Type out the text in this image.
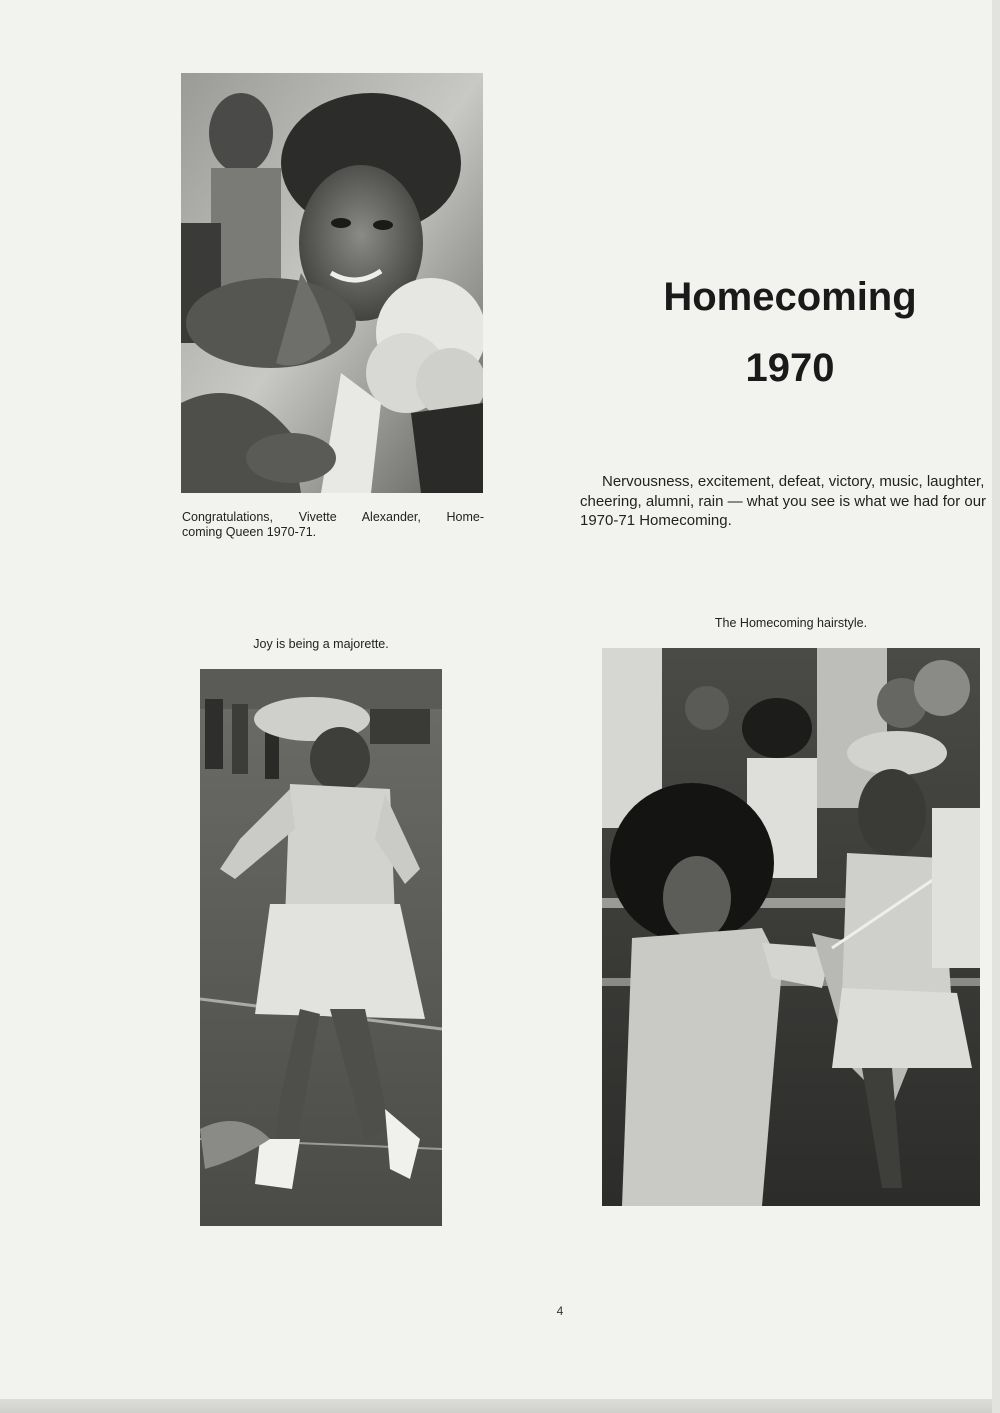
Congratulations, Vivette Alexander, Home-
coming Queen 1970-71.
Homecoming
1970
Nervousness, excitement, defeat, victory, music, laughter,
cheering, alumni, rain — what you see is what we had for our
1970-71 Homecoming.
Joy is being a majorette.
The Homecoming hairstyle.
4
